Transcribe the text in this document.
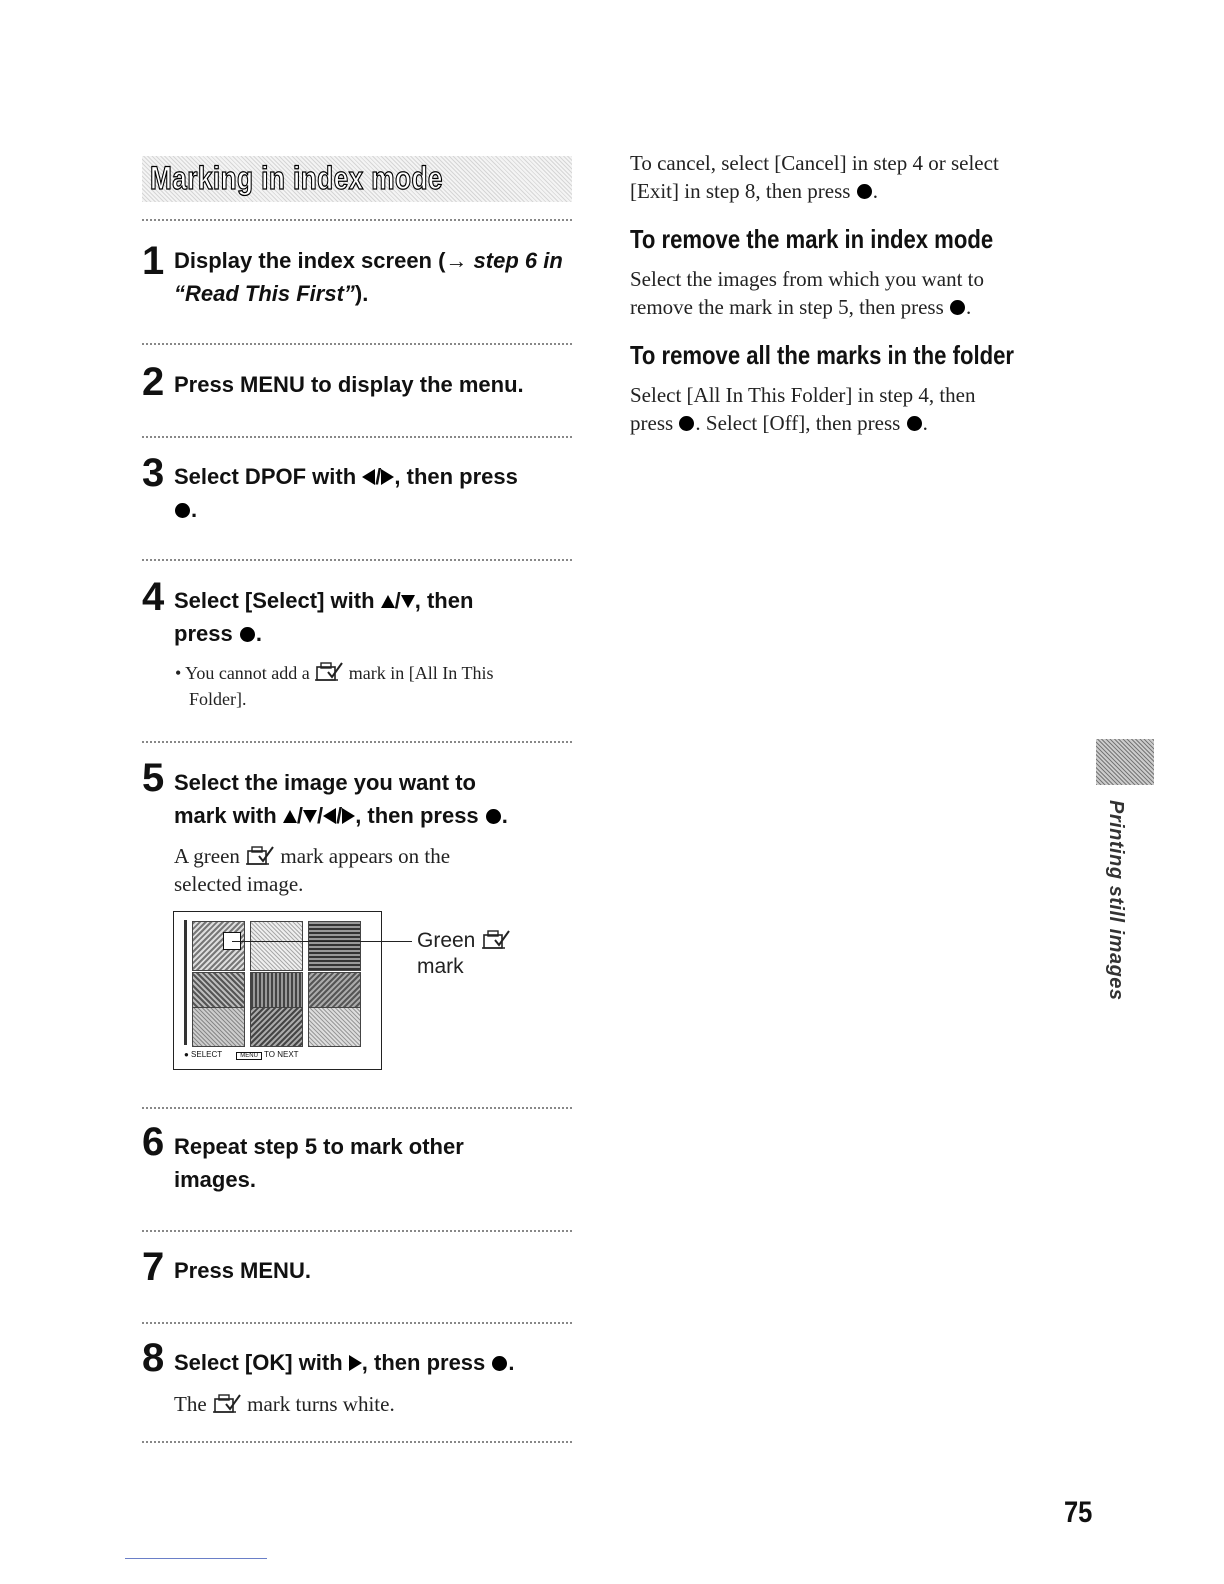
Marking in index mode
1 Display the index screen (→ step 6 in “Read This First”).
2 Press MENU to display the menu.
3 Select DPOF with / , then press
.
4 Select [Select] with / , then
press .
• You cannot add a  mark in [All In This
Folder].
5 Select the image you want to
mark with / / / , then press .
A green  mark appears on the
selected image.
● SELECT	MENU TO NEXT
Green
mark
6 Repeat step 5 to mark other
images.
7 Press MENU.
8 Select [OK] with , then press .
The  mark turns white.
To cancel, select [Cancel] in step 4 or select
[Exit] in step 8, then press .
To remove the mark in index mode
Select the images from which you want to
remove the mark in step 5, then press .
To remove all the marks in the folder
Select [All In This Folder] in step 4, then
press . Select [Off], then press .
Printing still images
75
